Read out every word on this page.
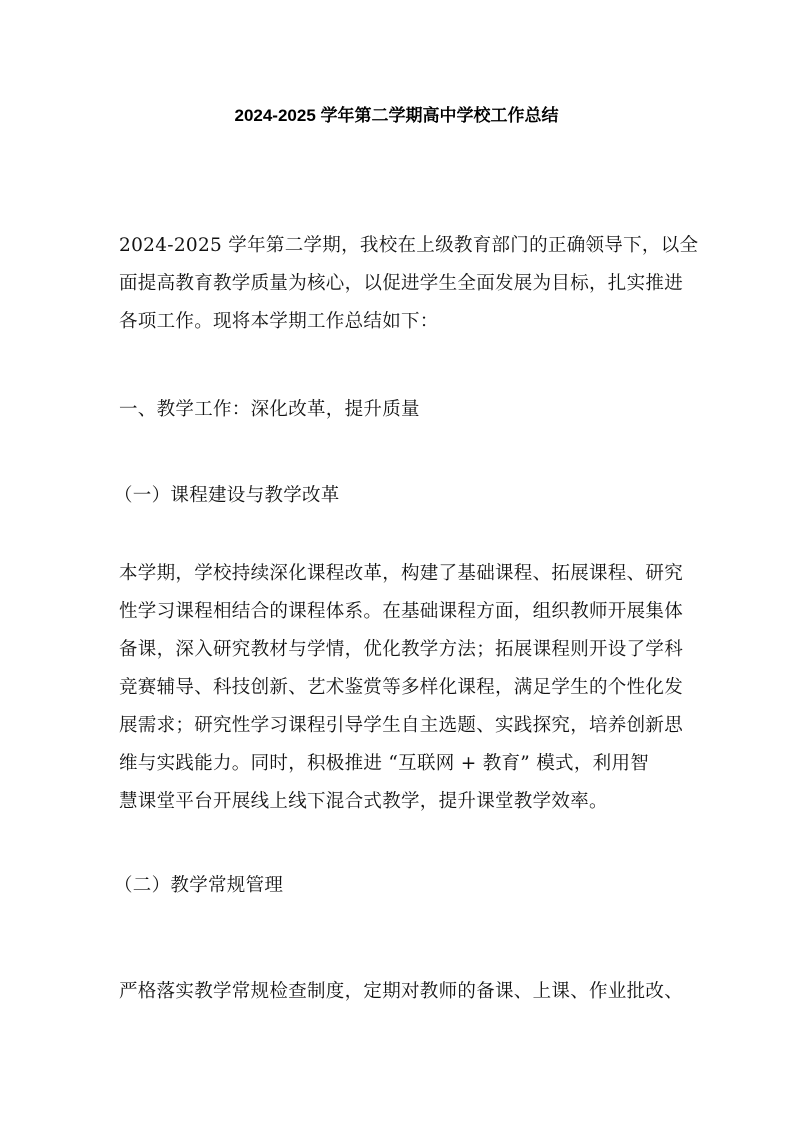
2024-2025 学年第二学期高中学校工作总结

2024-2025 学年第二学期，我校在上级教育部门的正确领导下，以全

面提高教育教学质量为核心，以促进学生全面发展为目标，扎实推进

各项工作。现将本学期工作总结如下：

一、教学工作：深化改革，提升质量

（一）课程建设与教学改革

本学期，学校持续深化课程改革，构建了基础课程、拓展课程、研究

性学习课程相结合的课程体系。在基础课程方面，组织教师开展集体

备课，深入研究教材与学情，优化教学方法；拓展课程则开设了学科

竞赛辅导、科技创新、艺术鉴赏等多样化课程，满足学生的个性化发

展需求；研究性学习课程引导学生自主选题、实践探究，培养创新思

维与实践能力。同时，积极推进 “互联网 + 教育” 模式，利用智

慧课堂平台开展线上线下混合式教学，提升课堂教学效率。

（二）教学常规管理

严格落实教学常规检查制度，定期对教师的备课、上课、作业批改、
